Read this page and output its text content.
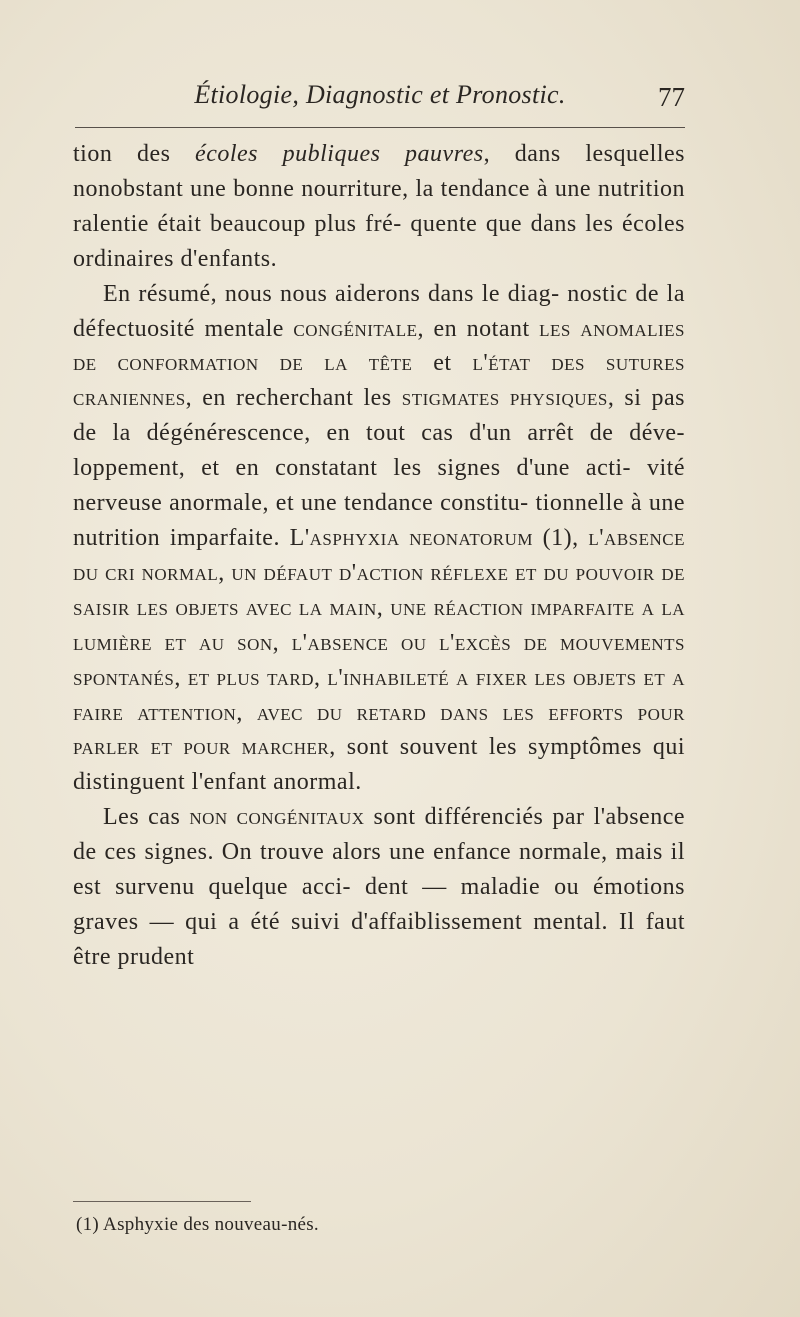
Étiologie, Diagnostic et Pronostic.	77

tion des écoles publiques pauvres, dans lesquelles nonobstant une bonne nourriture, la tendance à une nutrition ralentie était beaucoup plus fré- quente que dans les écoles ordinaires d'enfants.

En résumé, nous nous aiderons dans le diag- nostic de la défectuosité mentale congénitale, en notant les anomalies de conformation de la tête et l'état des sutures craniennes, en recherchant les stigmates physiques, si pas de la dégénérescence, en tout cas d'un arrêt de déve- loppement, et en constatant les signes d'une acti- vité nerveuse anormale, et une tendance constitu- tionnelle à une nutrition imparfaite. L'asphyxia neonatorum (1), l'absence du cri normal, un défaut d'action réflexe et du pouvoir de saisir les objets avec la main, une réaction imparfaite a la lumière et au son, l'absence ou l'excès de mouvements spontanés, et plus tard, l'inhabileté a fixer les objets et a faire attention, avec du retard dans les efforts pour parler et pour marcher, sont souvent les symptômes qui distinguent l'enfant anormal.

Les cas non congénitaux sont différenciés par l'absence de ces signes. On trouve alors une enfance normale, mais il est survenu quelque acci- dent — maladie ou émotions graves — qui a été suivi d'affaiblissement mental. Il faut être prudent

(1) Asphyxie des nouveau-nés.
